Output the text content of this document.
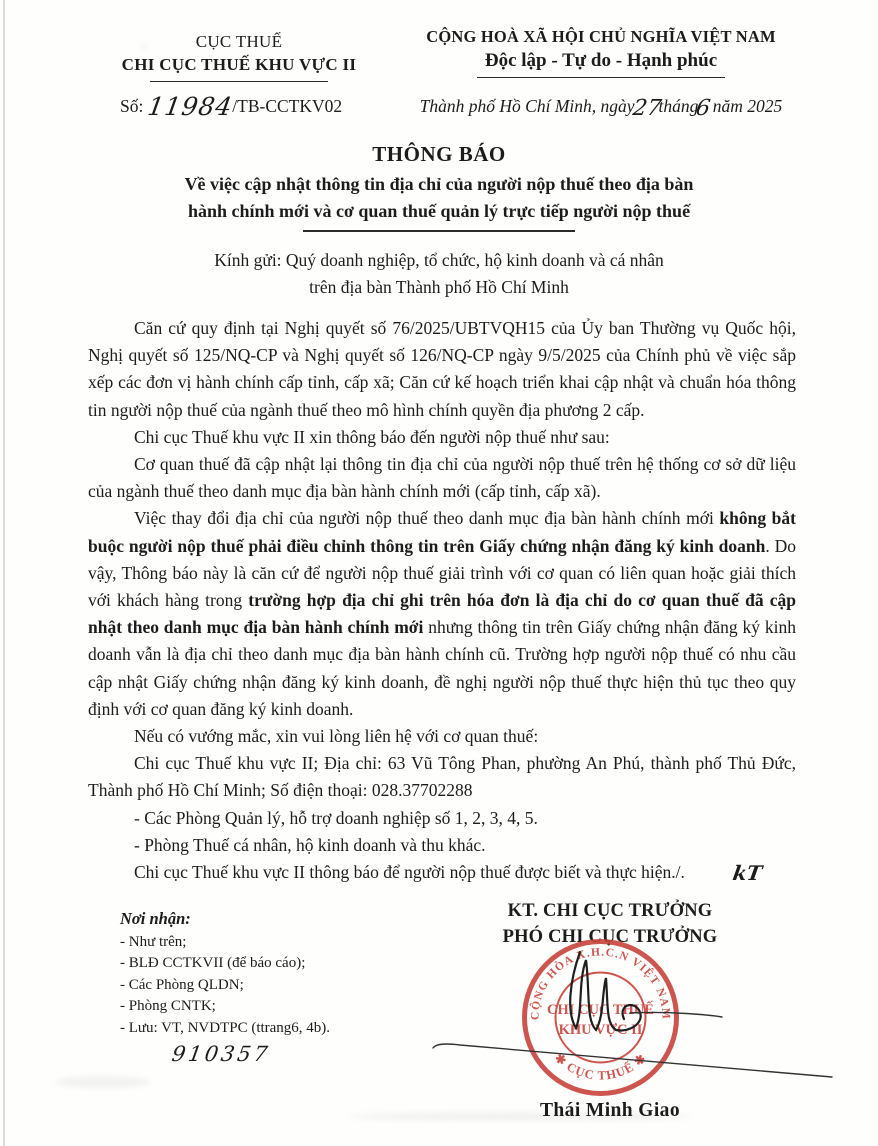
CỤC THUẾ
CHI CỤC THUẾ KHU VỰC II
CỘNG HOÀ XÃ HỘI CHỦ NGHĨA VIỆT NAM
Độc lập - Tự do - Hạnh phúc
Số: 11984/TB-CCTKV02	Thành phố Hồ Chí Minh, ngày27tháng6 năm 2025
THÔNG BÁO
Về việc cập nhật thông tin địa chỉ của người nộp thuế theo địa bàn
hành chính mới và cơ quan thuế quản lý trực tiếp người nộp thuế
Kính gửi: Quý doanh nghiệp, tổ chức, hộ kinh doanh và cá nhân
trên địa bàn Thành phố Hồ Chí Minh

Căn cứ quy định tại Nghị quyết số 76/2025/UBTVQH15 của Ủy ban Thường vụ Quốc hội, Nghị quyết số 125/NQ-CP và Nghị quyết số 126/NQ-CP ngày 9/5/2025 của Chính phủ về việc sắp xếp các đơn vị hành chính cấp tỉnh, cấp xã; Căn cứ kế hoạch triển khai cập nhật và chuẩn hóa thông tin người nộp thuế của ngành thuế theo mô hình chính quyền địa phương 2 cấp.

Chi cục Thuế khu vực II xin thông báo đến người nộp thuế như sau:

Cơ quan thuế đã cập nhật lại thông tin địa chỉ của người nộp thuế trên hệ thống cơ sở dữ liệu của ngành thuế theo danh mục địa bàn hành chính mới (cấp tỉnh, cấp xã).

Việc thay đổi địa chỉ của người nộp thuế theo danh mục địa bàn hành chính mới không bắt buộc người nộp thuế phải điều chỉnh thông tin trên Giấy chứng nhận đăng ký kinh doanh. Do vậy, Thông báo này là căn cứ để người nộp thuế giải trình với cơ quan có liên quan hoặc giải thích với khách hàng trong trường hợp địa chỉ ghi trên hóa đơn là địa chỉ do cơ quan thuế đã cập nhật theo danh mục địa bàn hành chính mới nhưng thông tin trên Giấy chứng nhận đăng ký kinh doanh vẫn là địa chỉ theo danh mục địa bàn hành chính cũ. Trường hợp người nộp thuế có nhu cầu cập nhật Giấy chứng nhận đăng ký kinh doanh, đề nghị người nộp thuế thực hiện thủ tục theo quy định với cơ quan đăng ký kinh doanh.

Nếu có vướng mắc, xin vui lòng liên hệ với cơ quan thuế:

Chi cục Thuế khu vực II; Địa chỉ: 63 Vũ Tông Phan, phường An Phú, thành phố Thủ Đức, Thành phố Hồ Chí Minh; Số điện thoại: 028.37702288

- Các Phòng Quản lý, hỗ trợ doanh nghiệp số 1, 2, 3, 4, 5.

- Phòng Thuế cá nhân, hộ kinh doanh và thu khác.

Chi cục Thuế khu vực II thông báo để người nộp thuế được biết và thực hiện./. kT

Nơi nhận:
- Như trên;
- BLĐ CCTKVII (để báo cáo);
- Các Phòng QLDN;
- Phòng CNTK;
- Lưu: VT, NVDTPC (ttrang6, 4b).
910357
KT. CHI CỤC TRƯỞNG
PHÓ CHI CỤC TRƯỞNG
CỘNG HÒA X.H.C.N VIỆT NAM
✱ CỤC THUẾ ✱
CHI CỤC THUẾ
KHU VỰC II
Thái Minh Giao
